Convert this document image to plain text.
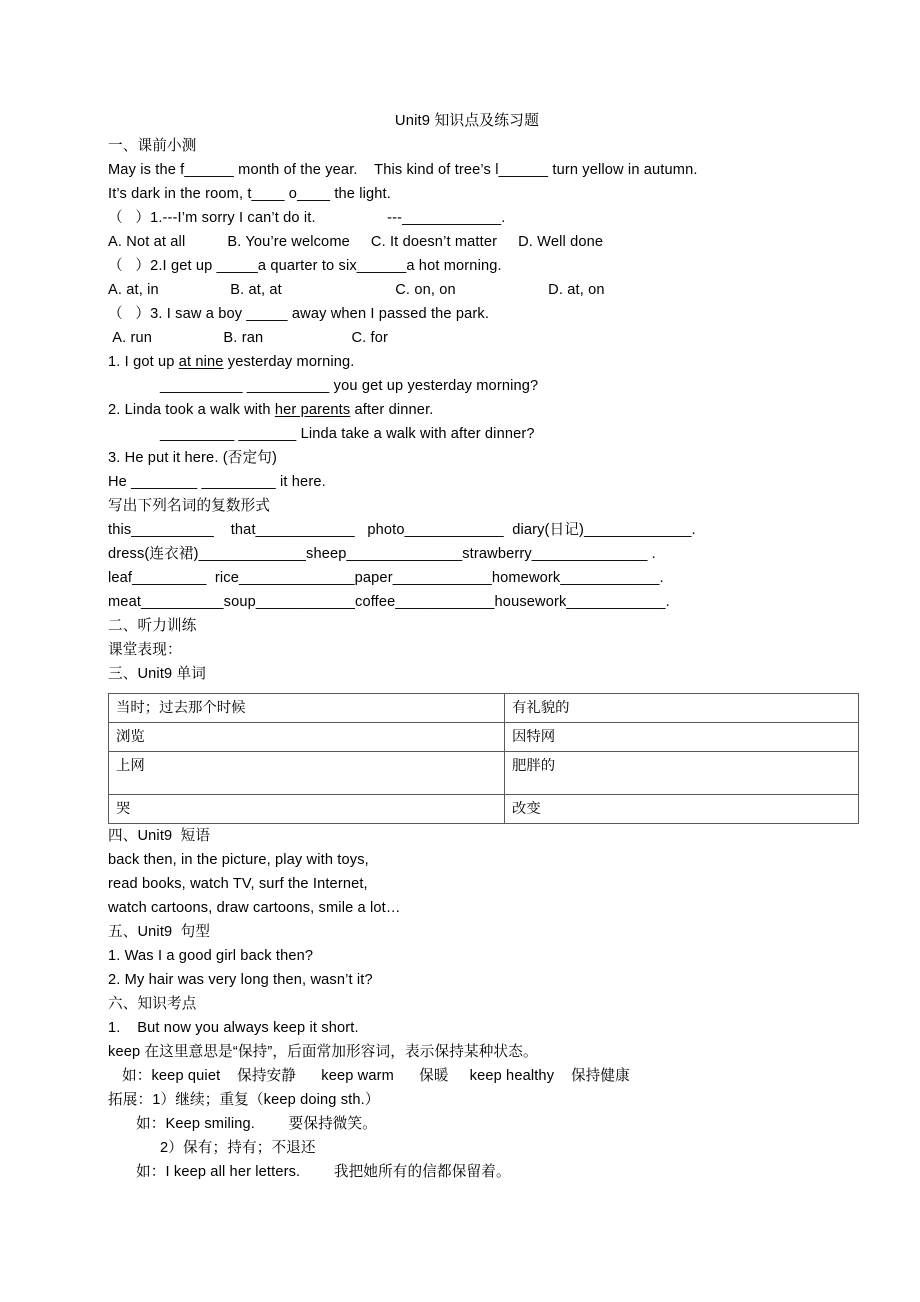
Unit9 知识点及练习题
一、课前小测
May is the f______ month of the year.    This kind of tree’s l______ turn yellow in autumn.
It’s dark in the room, t____ o____ the light.
（   ）1.---I’m sorry I can’t do it.                 ---____________.
A. Not at all          B. You’re welcome     C. It doesn’t matter     D. Well done
（   ）2.I get up _____a quarter to six______a hot morning.
A. at, in                 B. at, at                           C. on, on                      D. at, on
（   ）3. I saw a boy _____ away when I passed the park.
A. run                 B. ran                     C. for
1. I got up at nine yesterday morning.
__________ __________ you get up yesterday morning?
2. Linda took a walk with her parents after dinner.
_________ _______ Linda take a walk with after dinner?
3. He put it here. (否定句)
He ________ _________ it here.
写出下列名词的复数形式
this__________    that____________   photo____________  diary(日记)_____________.
dress(连衣裙)_____________sheep______________strawberry______________ .
leaf_________  rice______________paper____________homework____________.
meat__________soup____________coffee____________housework____________.
二、听力训练
课堂表现：
三、Unit9 单词
当时；过去那个时候	有礼貌的
浏览	因特网
上网	肥胖的
哭	改变
四、Unit9  短语
back then, in the picture, play with toys,
read books, watch TV, surf the Internet,
watch cartoons, draw cartoons, smile a lot…
五、Unit9  句型
1. Was I a good girl back then?
2. My hair was very long then, wasn’t it?
六、知识考点
1.    But now you always keep it short.
keep 在这里意思是“保持”，后面常加形容词，表示保持某种状态。
如：keep quiet    保持安静      keep warm      保暖     keep healthy    保持健康
拓展：1）继续；重复（keep doing sth.）
如：Keep smiling.        要保持微笑。
2）保有；持有；不退还
如：I keep all her letters.        我把她所有的信都保留着。
